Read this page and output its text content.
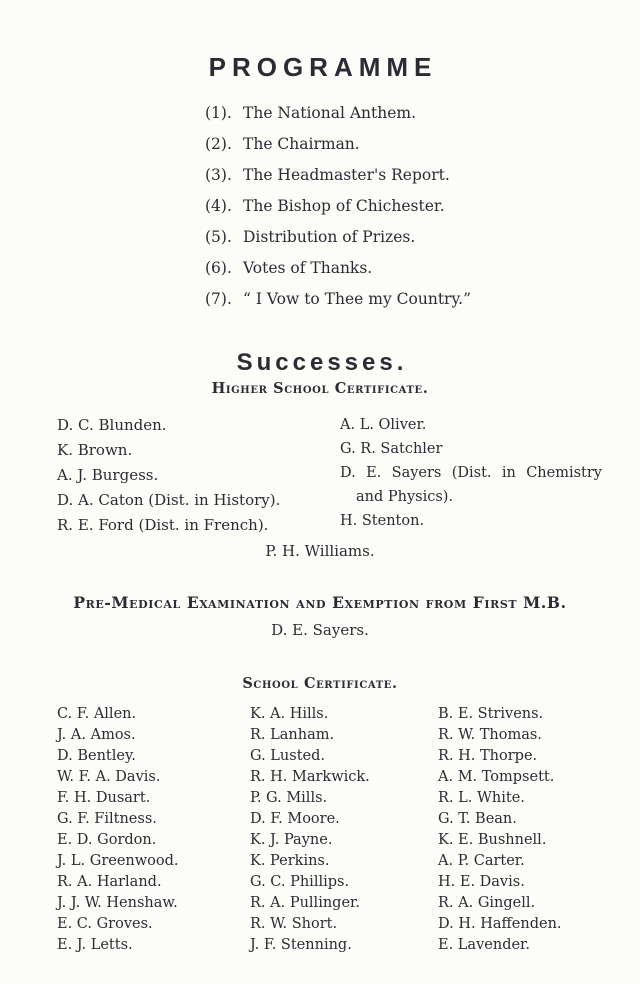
PROGRAMME
(1). The National Anthem.
(2). The Chairman.
(3). The Headmaster's Report.
(4). The Bishop of Chichester.
(5). Distribution of Prizes.
(6). Votes of Thanks.
(7). “ I Vow to Thee my Country.”
Successes.
Higher School Certificate.
D. C. Blunden.
K. Brown.
A. J. Burgess.
D. A. Caton (Dist. in History).
R. E. Ford (Dist. in French).
A. L. Oliver.
G. R. Satchler
D. E. Sayers (Dist. in Chemistry and Physics).
H. Stenton.
P. H. Williams.
Pre-Medical Examination and Exemption from First M.B.
D. E. Sayers.
School Certificate.
C. F. Allen.
J. A. Amos.
D. Bentley.
W. F. A. Davis.
F. H. Dusart.
G. F. Filtness.
E. D. Gordon.
J. L. Greenwood.
R. A. Harland.
J. J. W. Henshaw.
E. C. Groves.
E. J. Letts.
K. A. Hills.
R. Lanham.
G. Lusted.
R. H. Markwick.
P. G. Mills.
D. F. Moore.
K. J. Payne.
K. Perkins.
G. C. Phillips.
R. A. Pullinger.
R. W. Short.
J. F. Stenning.
B. E. Strivens.
R. W. Thomas.
R. H. Thorpe.
A. M. Tompsett.
R. L. White.
G. T. Bean.
K. E. Bushnell.
A. P. Carter.
H. E. Davis.
R. A. Gingell.
D. H. Haffenden.
E. Lavender.
